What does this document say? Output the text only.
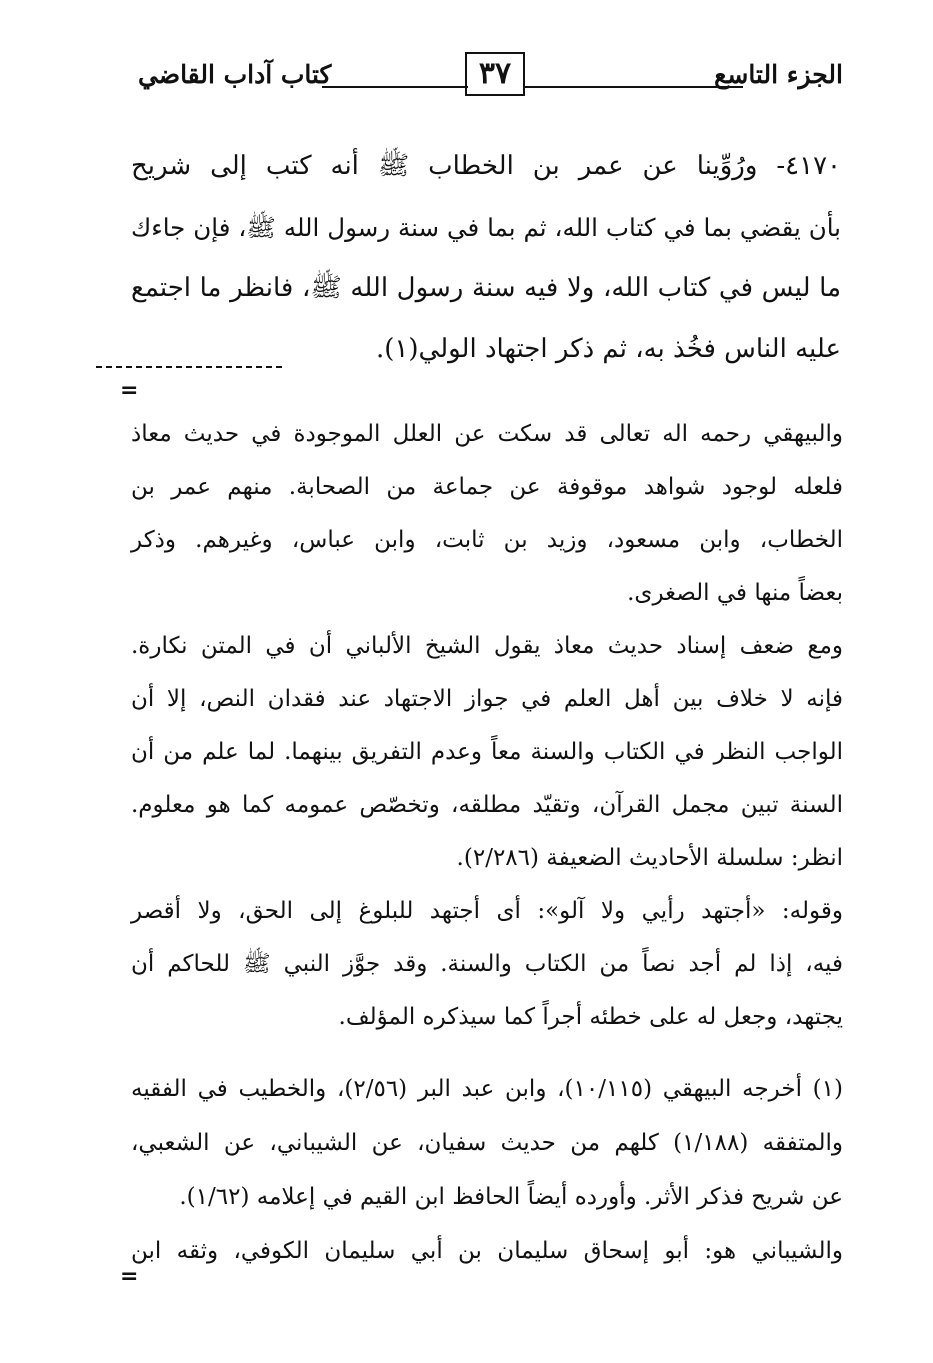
الجزء التاسع
٣٧
كتاب آداب القاضي
٤١٧٠- ورُوِّينا عن عمر بن الخطاب ﷺ أنه كتب إلى شريح
بأن يقضي بما في كتاب الله، ثم بما في سنة رسول الله ﷺ، فإن جاءك
ما ليس في كتاب الله، ولا فيه سنة رسول الله ﷺ، فانظر ما اجتمع
عليه الناس فخُذ به، ثم ذكر اجتهاد الولي(١).
=
والبيهقي رحمه اله تعالى قد سكت عن العلل الموجودة في حديث معاذ
فلعله لوجود شواهد موقوفة عن جماعة من الصحابة. منهم عمر بن
الخطاب، وابن مسعود، وزيد بن ثابت، وابن عباس، وغيرهم. وذكر
بعضاً منها في الصغرى.
ومع ضعف إسناد حديث معاذ يقول الشيخ الألباني أن في المتن نكارة.
فإنه لا خلاف بين أهل العلم في جواز الاجتهاد عند فقدان النص، إلا أن
الواجب النظر في الكتاب والسنة معاً وعدم التفريق بينهما. لما علم من أن
السنة تبين مجمل القرآن، وتقيّد مطلقه، وتخصّص عمومه كما هو معلوم.
انظر: سلسلة الأحاديث الضعيفة (٢/٢٨٦).
وقوله: «أجتهد رأيي ولا آلو»: أى أجتهد للبلوغ إلى الحق، ولا أقصر
فيه، إذا لم أجد نصاً من الكتاب والسنة. وقد جوَّز النبي ﷺ للحاكم أن
يجتهد، وجعل له على خطئه أجراً كما سيذكره المؤلف.
(١) أخرجه البيهقي (١٠/١١٥)، وابن عبد البر (٢/٥٦)، والخطيب في الفقيه
والمتفقه (١/١٨٨) كلهم من حديث سفيان، عن الشيباني، عن الشعبي،
عن شريح فذكر الأثر. وأورده أيضاً الحافظ ابن القيم في إعلامه (١/٦٢).
والشيباني هو: أبو إسحاق سليمان بن أبي سليمان الكوفي، وثقه ابن
=
